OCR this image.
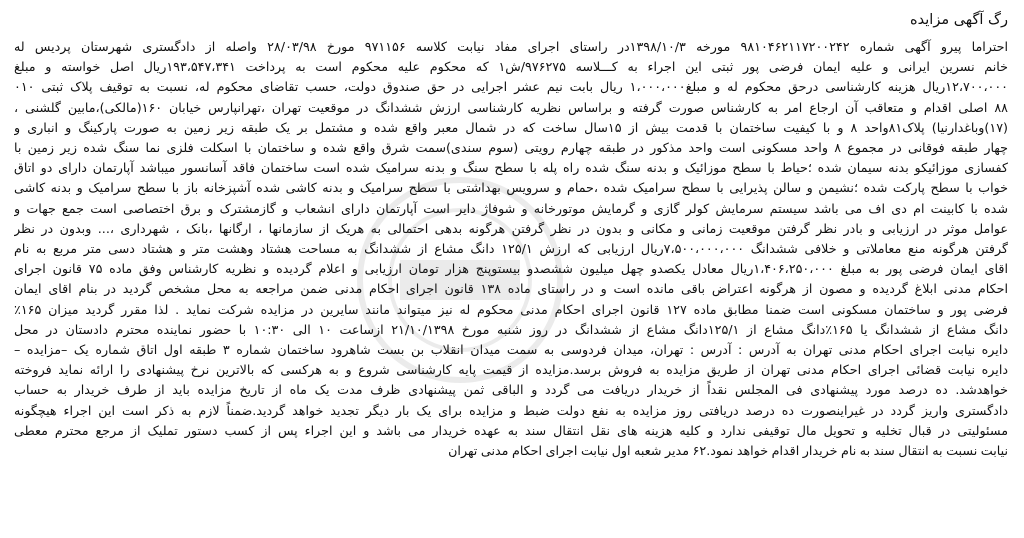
رگ آگهی مزایده
احتراما پیرو آگهی شماره ۹۸۱۰۴۶۲۱۱۷۲۰۰۲۴۲ مورخه ۱۳۹۸/۱۰/۳در راستای اجرای مفاد نیابت کلاسه ۹۷۱۱۵۶ مورخ ۲۸/۰۳/۹۸ واصله از دادگستری شهرستان پردیس له
خانم نسرین ایرانی و علیه ایمان فرضی پور ثبتی این اجراء به کـــلاسه ۹۷۶۲۷۵/ش۱ که محکوم علیه محکوم است به پرداخت ۱۹۳،۵۴۷،۳۴۱ریال اصل خواسته و مبلغ
۱۲،۷۰۰،۰۰۰ریال هزینه کارشناسی درحق محکوم له و مبلغ۱،۰۰۰،۰۰۰ ریال بابت نیم عشر اجرایی در حق صندوق دولت، حسب تقاضای محکوم له، نسبت به توقیف پلاک ثبتی ۰۱۰
۸۸ اصلی اقدام و متعاقب آن ارجاع امر به کارشناس صورت گرفته و براساس نظریه کارشناسی ارزش ششدانگ در موقعیت تهران ،تهرانپارس خیابان ۱۶۰(مالکی)،مابین گلشنی ،
(۱۷)وباغدارنیا) پلاک۸۱واحد ۸ و با کیفیت ساختمان با قدمت بیش از ۱۵سال ساخت که در شمال معبر واقع شده و مشتمل بر یک طبقه زیر زمین به صورت پارکینگ و انباری و
چهار طبقه فوقانی در مجموع ۸ واحد مسکونی است واحد مذکور در طبقه چهارم رویتی (سوم سندی)سمت شرق واقع شده و ساختمان با اسکلت فلزی نما سنگ شده زیر زمین با
کفسازی موزائیکو بدنه سیمان شده ؛حیاط با سطح موزائیک و بدنه سنگ شده راه پله با سطح سنگ و بدنه سرامیک شده است ساختمان فاقد آسانسور میباشد آپارتمان دارای دو اتاق
خواب با سطح پارکت شده ؛نشیمن و سالن پذیرایی با سطح سرامیک شده ،حمام و سرویس بهداشتی با سطح سرامیک و بدنه کاشی شده آشپزخانه باز با سطح سرامیک و بدنه کاشی
شده با کابینت ام دی اف می باشد سیستم سرمایش کولر گازی و گرمایش موتورخانه و شوفاژ دایر است آپارتمان دارای انشعاب و گازمشترک و برق اختصاصی است جمع جهات و
عوامل موثر در ارزیابی و بادر نظر گرفتن موقعیت زمانی و مکانی و بدون در نظر گرفتن هرگونه بدهی احتمالی به هریک از سازمانها ، ارگانها ،بانک ، شهرداری ،... وبدون در نظر
گرفتن هرگونه منع معاملاتی و خلافی ششدانگ ۷،۵۰۰،۰۰۰،۰۰۰ریال ارزیابی که ارزش ۱۲۵/۱ دانگ مشاع از ششدانگ به مساحت هشتاد وهشت متر و هشتاد دسی متر مربع به نام
اقای ایمان فرضی پور به مبلغ ۱،۴۰۶،۲۵۰،۰۰۰ریال معادل یکصدو چهل میلیون ششصدو بیستوپنج هزار تومان ارزیابی و اعلام گردیده و نظریه کارشناس وفق ماده ۷۵ قانون اجرای
احکام مدنی ابلاغ گردیده و مصون از هرگونه اعتراض باقی مانده است و در راستای ماده ۱۳۸ قانون اجرای احکام مدنی ضمن مراجعه به محل مشخص گردید در بنام اقای ایمان
فرضی پور و ساختمان مسکونی است ضمنا مطابق ماده ۱۲۷ قانون اجرای احکام مدنی محکوم له نیز میتواند مانند سایرین در مزایده شرکت نماید . لذا مقرر گردید میزان ۱۶۵٪
دانگ مشاع از ششدانگ یا ۱۶۵٪دانگ مشاع از ۱۲۵/۱دانگ مشاع از ششدانگ در روز شنبه مورخ ۲۱/۱۰/۱۳۹۸ ازساعت ۱۰ الی ۱۰:۳۰ با حضور نماینده محترم دادستان در محل
دایره نیابت اجرای احکام مدنی تهران به آدرس : آدرس : تهران، میدان فردوسی به سمت میدان انقلاب بن بست شاهرود ساختمان شماره ۳ طبقه اول اتاق شماره یک –مزایده –
دایره نیابت قضائی اجرای احکام مدنی تهران از طریق مزایده به فروش برسد.مزایده از قیمت پایه کارشناسی شروع و به هرکسی که بالاترین نرخ پیشنهادی را ارائه نماید فروخته
خواهدشد. ده درصد مورد پیشنهادی فی المجلس نقداً از خریدار دریافت می گردد و الباقی ثمن پیشنهادی ظرف مدت یک ماه از تاریخ مزایده باید از طرف خریدار به حساب
دادگستری واریز گردد در غیراینصورت ده درصد دریافتی روز مزایده به نفع دولت ضبط و مزایده برای یک بار دیگر تجدید خواهد گردید.ضمناً لازم به ذکر است این اجراء هیچگونه
مسئولیتی در قبال تخلیه و تحویل مال توقیفی ندارد و کلیه هزینه های نقل انتقال سند به عهده خریدار می باشد و این اجراء پس از کسب دستور تملیک از مرجع محترم معطی
نیابت نسبت به انتقال سند به نام خریدار اقدام خواهد نمود.۶۲ مدیر شعبه اول نیابت اجرای احکام مدنی تهران
